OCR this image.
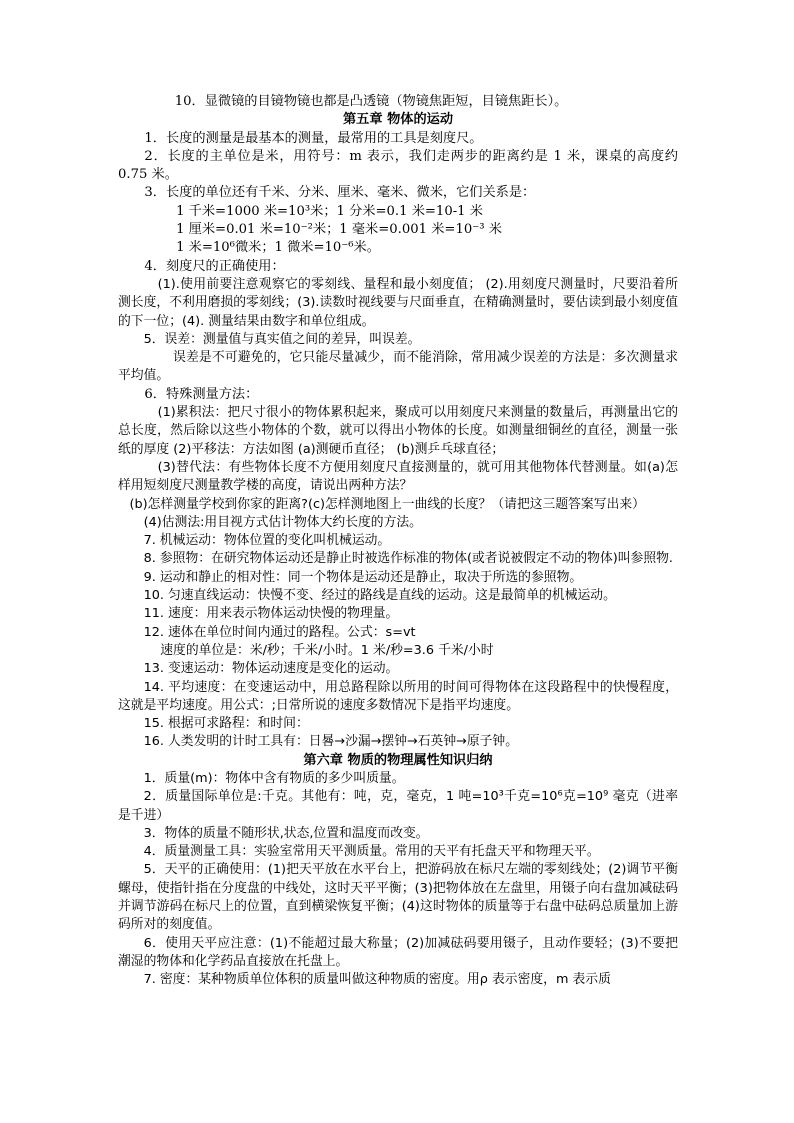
10．显微镜的目镜物镜也都是凸透镜（物镜焦距短，目镜焦距长）。

第五章 物体的运动

1．长度的测量是最基本的测量，最常用的工具是刻度尺。

2．长度的主单位是米，用符号：m 表示，我们走两步的距离约是 1 米，课桌的高度约 0.75 米。

3．长度的单位还有千米、分米、厘米、毫米、微米，它们关系是：

1 千米=1000 米=10³米；1 分米=0.1 米=10-1 米

1 厘米=0.01 米=10⁻²米；1 毫米=0.001 米=10⁻³ 米

1 米=10⁶微米；1 微米=10⁻⁶米。

4．刻度尺的正确使用：

(1).使用前要注意观察它的零刻线、量程和最小刻度值； (2).用刻度尺测量时，尺要沿着所测长度，不利用磨损的零刻线；(3).读数时视线要与尺面垂直，在精确测量时，要估读到最小刻度值的下一位；(4). 测量结果由数字和单位组成。

5．误差：测量值与真实值之间的差异，叫误差。

误差是不可避免的，它只能尽量减少，而不能消除，常用减少误差的方法是：多次测量求平均值。

6．特殊测量方法：

(1)累积法：把尺寸很小的物体累积起来，聚成可以用刻度尺来测量的数量后，再测量出它的总长度，然后除以这些小物体的个数，就可以得出小物体的长度。如测量细铜丝的直径，测量一张纸的厚度 (2)平移法：方法如图 (a)测硬币直径； (b)测乒乓球直径；

(3)替代法：有些物体长度不方便用刻度尺直接测量的，就可用其他物体代替测量。如(a)怎样用短刻度尺测量教学楼的高度，请说出两种方法？

(b)怎样测量学校到你家的距离?(c)怎样测地图上一曲线的长度？（请把这三题答案写出来）

(4)估测法:用目视方式估计物体大约长度的方法。

7. 机械运动：物体位置的变化叫机械运动。

8. 参照物：在研究物体运动还是静止时被选作标准的物体(或者说被假定不动的物体)叫参照物.

9. 运动和静止的相对性：同一个物体是运动还是静止，取决于所选的参照物。

10. 匀速直线运动：快慢不变、经过的路线是直线的运动。这是最简单的机械运动。

11. 速度：用来表示物体运动快慢的物理量。

12. 速体在单位时间内通过的路程。公式：s=vt

速度的单位是：米/秒；千米/小时。1 米/秒=3.6 千米/小时

13. 变速运动：物体运动速度是变化的运动。

14. 平均速度：在变速运动中，用总路程除以所用的时间可得物体在这段路程中的快慢程度，这就是平均速度。用公式：;日常所说的速度多数情况下是指平均速度。

15. 根据可求路程：和时间：

16. 人类发明的计时工具有：日晷→沙漏→摆钟→石英钟→原子钟。

第六章 物质的物理属性知识归纳

1．质量(m)：物体中含有物质的多少叫质量。

2．质量国际单位是:千克。其他有：吨，克，毫克，1 吨=10³千克=10⁶克=10⁹ 毫克（进率是千进）

3．物体的质量不随形状,状态,位置和温度而改变。

4．质量测量工具：实验室常用天平测质量。常用的天平有托盘天平和物理天平。

5．天平的正确使用：(1)把天平放在水平台上，把游码放在标尺左端的零刻线处；(2)调节平衡螺母，使指针指在分度盘的中线处，这时天平平衡；(3)把物体放在左盘里，用镊子向右盘加减砝码并调节游码在标尺上的位置，直到横梁恢复平衡；(4)这时物体的质量等于右盘中砝码总质量加上游码所对的刻度值。

6．使用天平应注意：(1)不能超过最大称量；(2)加减砝码要用镊子，且动作要轻；(3)不要把潮湿的物体和化学药品直接放在托盘上。

7. 密度：某种物质单位体积的质量叫做这种物质的密度。用ρ 表示密度，m 表示质
